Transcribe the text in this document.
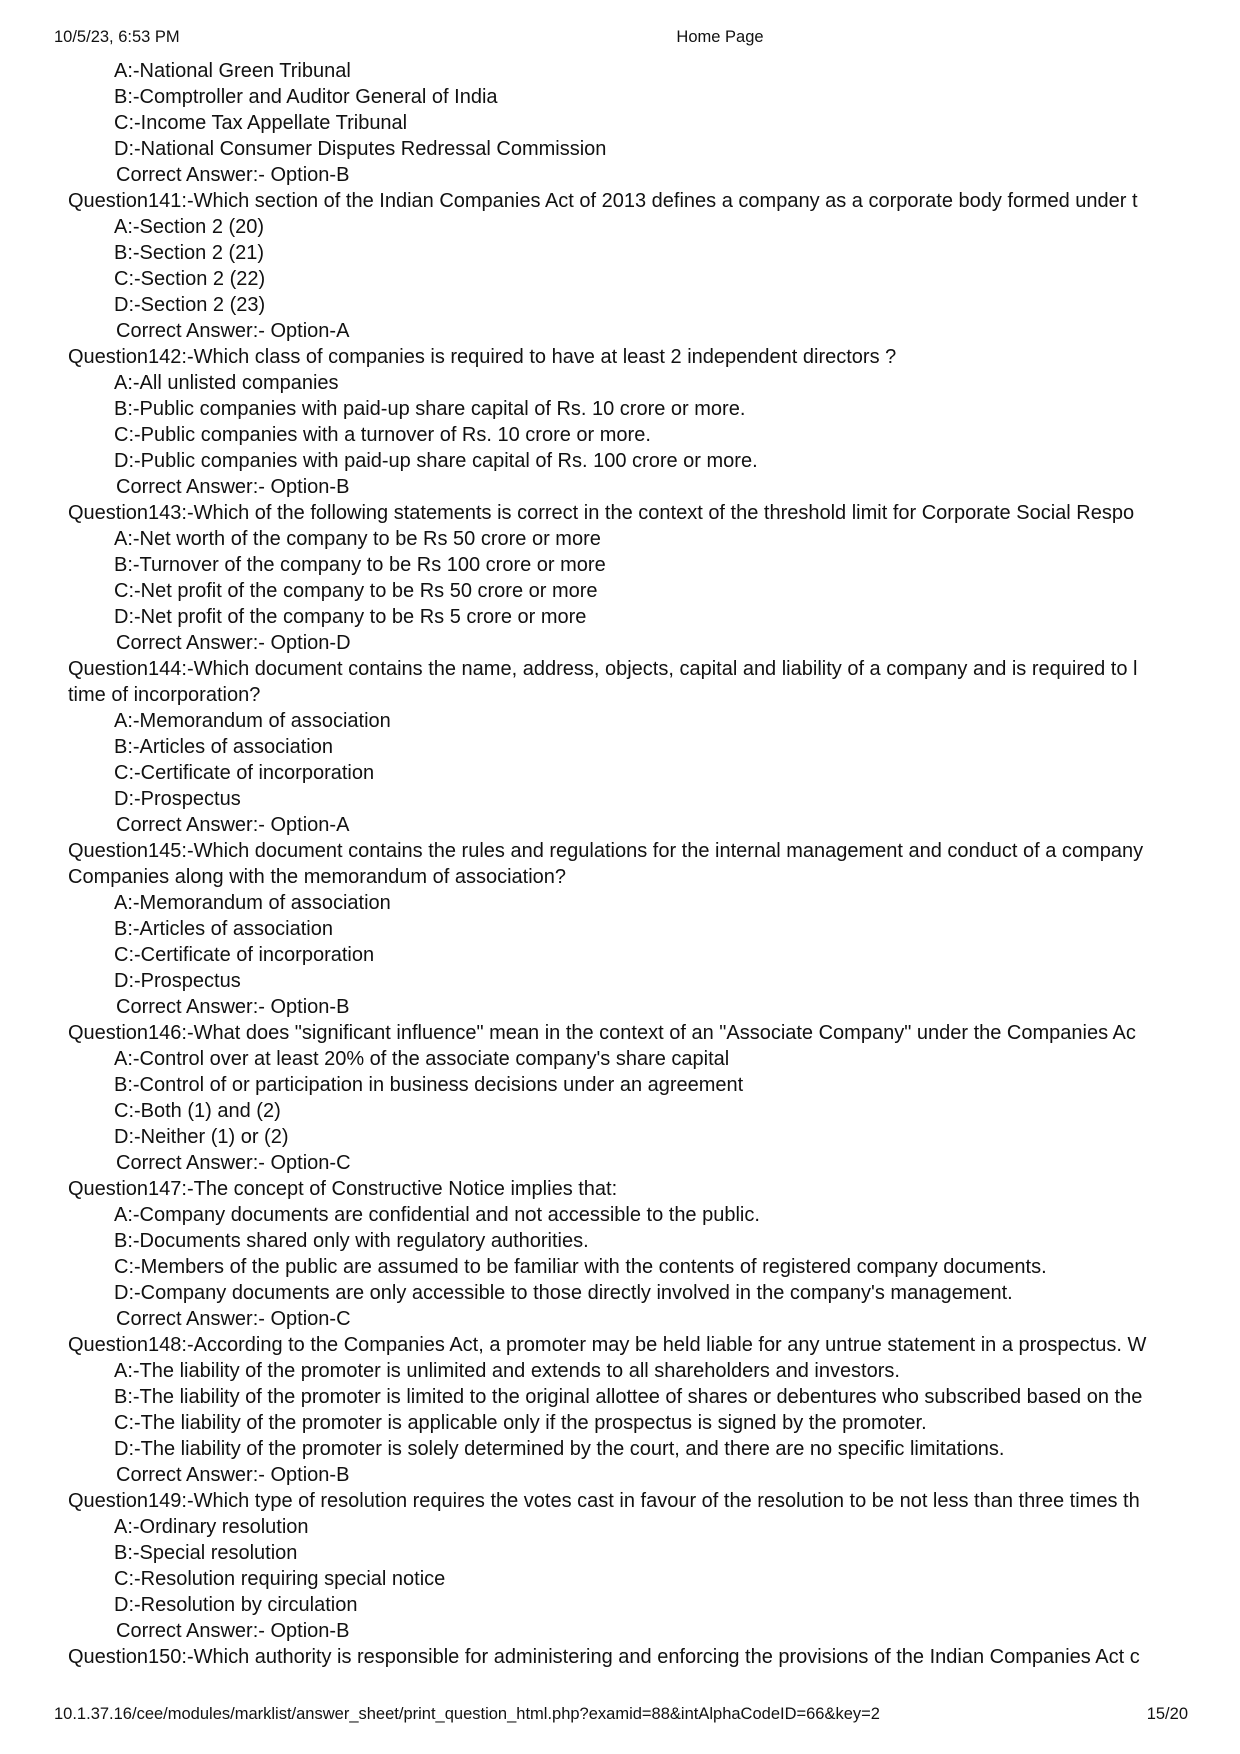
10/5/23, 6:53 PM	Home Page
A:-National Green Tribunal
B:-Comptroller and Auditor General of India
C:-Income Tax Appellate Tribunal
D:-National Consumer Disputes Redressal Commission
Correct Answer:- Option-B
Question141:-Which section of the Indian Companies Act of 2013 defines a company as a corporate body formed under t
A:-Section 2 (20)
B:-Section 2 (21)
C:-Section 2 (22)
D:-Section 2 (23)
Correct Answer:- Option-A
Question142:-Which class of companies is required to have at least 2 independent directors ?
A:-All unlisted companies
B:-Public companies with paid-up share capital of Rs. 10 crore or more.
C:-Public companies with a turnover of Rs. 10 crore or more.
D:-Public companies with paid-up share capital of Rs. 100 crore or more.
Correct Answer:- Option-B
Question143:-Which of the following statements is correct in the context of the threshold limit for Corporate Social Respo
A:-Net worth of the company to be Rs 50 crore or more
B:-Turnover of the company to be Rs 100 crore or more
C:-Net profit of the company to be Rs 50 crore or more
D:-Net profit of the company to be Rs 5 crore or more
Correct Answer:- Option-D
Question144:-Which document contains the name, address, objects, capital and liability of a company and is required to l
time of incorporation?
A:-Memorandum of association
B:-Articles of association
C:-Certificate of incorporation
D:-Prospectus
Correct Answer:- Option-A
Question145:-Which document contains the rules and regulations for the internal management and conduct of a company
Companies along with the memorandum of association?
A:-Memorandum of association
B:-Articles of association
C:-Certificate of incorporation
D:-Prospectus
Correct Answer:- Option-B
Question146:-What does "significant influence" mean in the context of an "Associate Company" under the Companies Ac
A:-Control over at least 20% of the associate company's share capital
B:-Control of or participation in business decisions under an agreement
C:-Both (1) and (2)
D:-Neither (1) or (2)
Correct Answer:- Option-C
Question147:-The concept of Constructive Notice implies that:
A:-Company documents are confidential and not accessible to the public.
B:-Documents shared only with regulatory authorities.
C:-Members of the public are assumed to be familiar with the contents of registered company documents.
D:-Company documents are only accessible to those directly involved in the company's management.
Correct Answer:- Option-C
Question148:-According to the Companies Act, a promoter may be held liable for any untrue statement in a prospectus. W
A:-The liability of the promoter is unlimited and extends to all shareholders and investors.
B:-The liability of the promoter is limited to the original allottee of shares or debentures who subscribed based on the
C:-The liability of the promoter is applicable only if the prospectus is signed by the promoter.
D:-The liability of the promoter is solely determined by the court, and there are no specific limitations.
Correct Answer:- Option-B
Question149:-Which type of resolution requires the votes cast in favour of the resolution to be not less than three times th
A:-Ordinary resolution
B:-Special resolution
C:-Resolution requiring special notice
D:-Resolution by circulation
Correct Answer:- Option-B
Question150:-Which authority is responsible for administering and enforcing the provisions of the Indian Companies Act c
10.1.37.16/cee/modules/marklist/answer_sheet/print_question_html.php?examid=88&intAlphaCodeID=66&key=2	15/20
